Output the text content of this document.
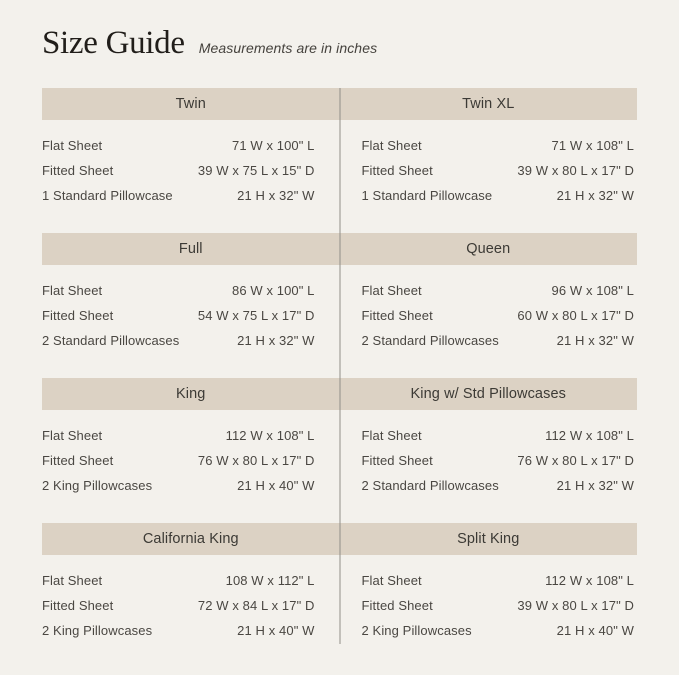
Size Guide Measurements are in inches
Twin	Twin XL
Flat Sheet	71 W x 100" L
Fitted Sheet	39 W x 75 L x 15" D
1 Standard Pillowcase	21 H x 32" W
Flat Sheet	71 W x 108" L
Fitted Sheet	39 W x 80 L x 17" D
1 Standard Pillowcase	21 H x 32" W
Full	Queen
Flat Sheet	86 W x 100" L
Fitted Sheet	54 W x 75 L x 17" D
2 Standard Pillowcases	21 H x 32" W
Flat Sheet	96 W x 108" L
Fitted Sheet	60 W x 80 L x 17" D
2 Standard Pillowcases	21 H x 32" W
King	King w/ Std Pillowcases
Flat Sheet	112 W x 108" L
Fitted Sheet	76 W x 80 L x 17" D
2 King Pillowcases	21 H x 40" W
Flat Sheet	112 W x 108" L
Fitted Sheet	76 W x 80 L x 17" D
2 Standard Pillowcases	21 H x 32" W
California King	Split King
Flat Sheet	108 W x 112" L
Fitted Sheet	72 W x 84 L x 17" D
2 King Pillowcases	21 H x 40" W
Flat Sheet	112 W x 108" L
Fitted Sheet	39 W x 80 L x 17" D
2 King Pillowcases	21 H x 40" W
